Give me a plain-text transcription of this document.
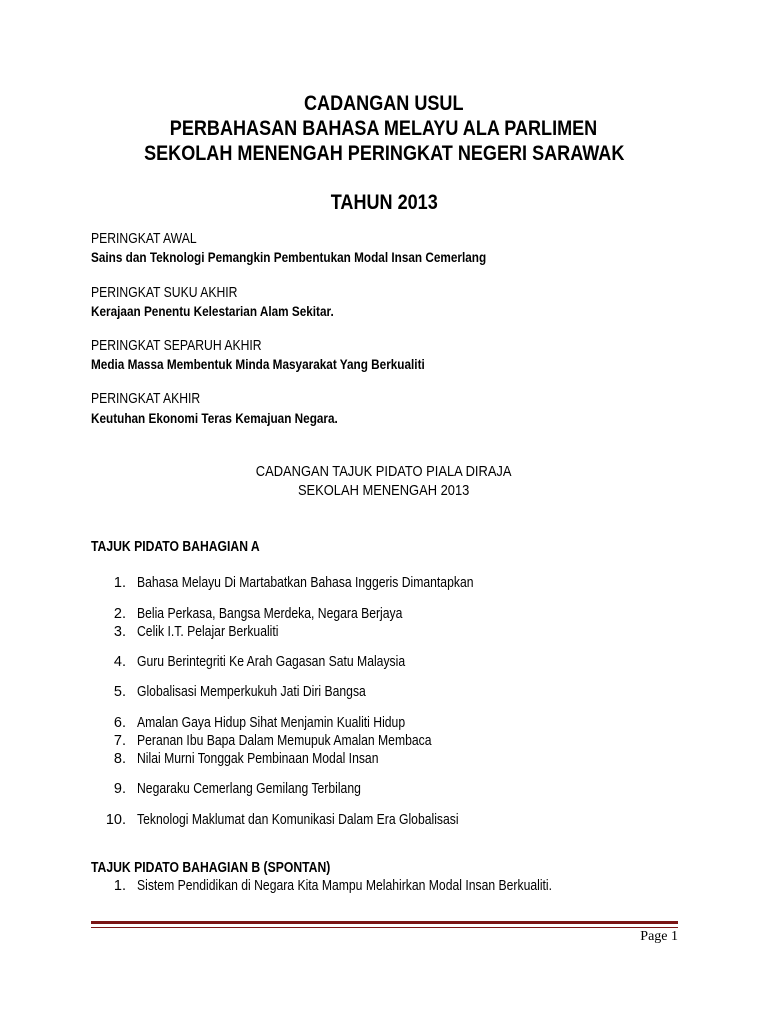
CADANGAN USUL
PERBAHASAN BAHASA MELAYU ALA PARLIMEN
SEKOLAH MENENGAH PERINGKAT NEGERI SARAWAK
TAHUN 2013
PERINGKAT AWAL
Sains dan Teknologi Pemangkin Pembentukan Modal Insan Cemerlang
PERINGKAT SUKU AKHIR
Kerajaan Penentu Kelestarian Alam Sekitar.
PERINGKAT SEPARUH AKHIR
Media Massa Membentuk Minda Masyarakat Yang Berkualiti
PERINGKAT AKHIR
Keutuhan Ekonomi Teras Kemajuan Negara.
CADANGAN TAJUK PIDATO PIALA DIRAJA
SEKOLAH MENENGAH 2013
TAJUK PIDATO BAHAGIAN A
1. Bahasa Melayu Di Martabatkan Bahasa Inggeris Dimantapkan
2. Belia Perkasa, Bangsa Merdeka, Negara Berjaya
3. Celik I.T. Pelajar Berkualiti
4. Guru Berintegriti Ke Arah Gagasan Satu Malaysia
5. Globalisasi Memperkukuh Jati Diri Bangsa
6. Amalan Gaya Hidup Sihat Menjamin Kualiti Hidup
7. Peranan Ibu Bapa Dalam Memupuk Amalan Membaca
8. Nilai Murni Tonggak Pembinaan Modal Insan
9. Negaraku Cemerlang Gemilang Terbilang
10. Teknologi Maklumat dan Komunikasi Dalam Era Globalisasi
TAJUK PIDATO BAHAGIAN B (SPONTAN)
1. Sistem Pendidikan di Negara Kita Mampu Melahirkan Modal Insan Berkualiti.
Page 1
